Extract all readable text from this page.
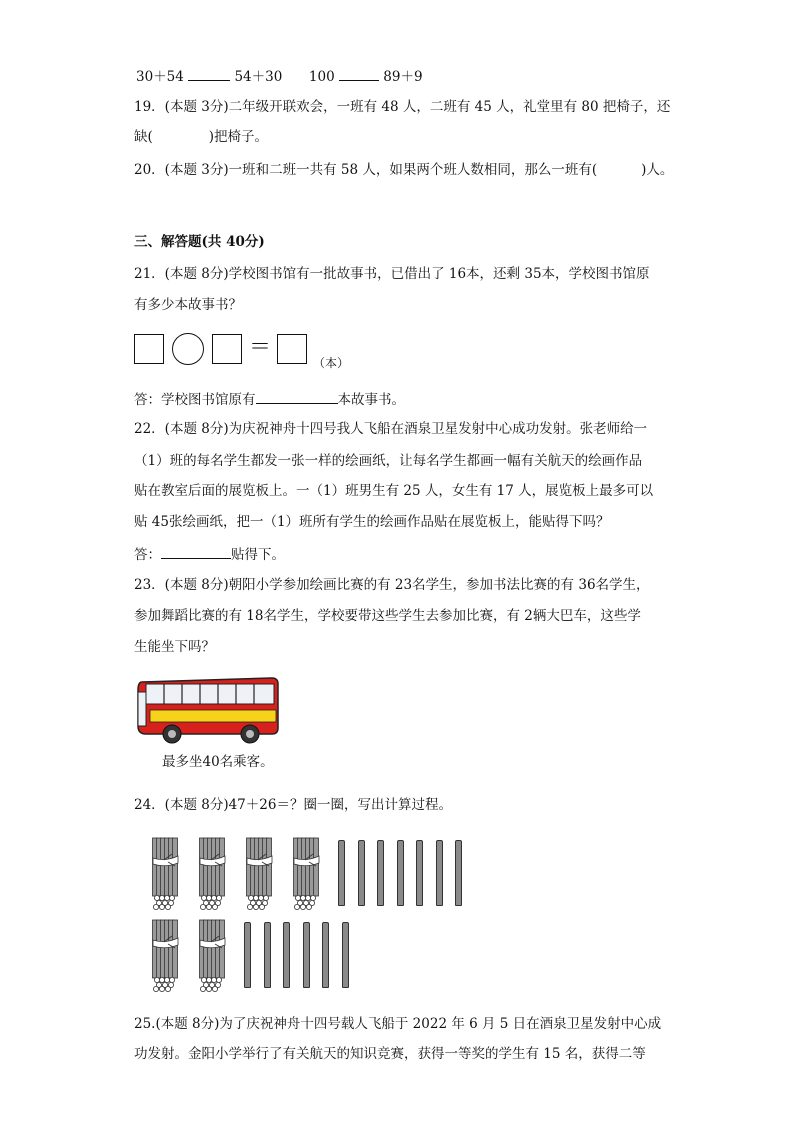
30＋54	54＋30 100	89＋9
19．(本题 3分)二年级开联欢会，一班有 48 人，二班有 45 人，礼堂里有 80 把椅子，还
缺(	)把椅子。
20．(本题 3分)一班和二班一共有 58 人，如果两个班人数相同，那么一班有(	)人。
三、解答题(共 40分)
21．(本题 8分)学校图书馆有一批故事书，已借出了 16本，还剩 35本，学校图书馆原
有多少本故事书？
＝
（本）
答：学校图书馆原有	本故事书。
22．(本题 8分)为庆祝神舟十四号我人飞船在酒泉卫星发射中心成功发射。张老师给一
（1）班的每名学生都发一张一样的绘画纸，让每名学生都画一幅有关航天的绘画作品
贴在教室后面的展览板上。一（1）班男生有 25 人，女生有 17 人，展览板上最多可以
贴 45张绘画纸，把一（1）班所有学生的绘画作品贴在展览板上，能贴得下吗？
答：	贴得下。
23．(本题 8分)朝阳小学参加绘画比赛的有 23名学生，参加书法比赛的有 36名学生，
参加舞蹈比赛的有 18名学生，学校要带这些学生去参加比赛，有 2辆大巴车，这些学
生能坐下吗？
最多坐40名乘客。
24．(本题 8分)47＋26＝？圈一圈，写出计算过程。
25.(本题 8分)为了庆祝神舟十四号载人飞船于 2022 年 6 月 5 日在酒泉卫星发射中心成
功发射。金阳小学举行了有关航天的知识竞赛，获得一等奖的学生有 15 名，获得二等
